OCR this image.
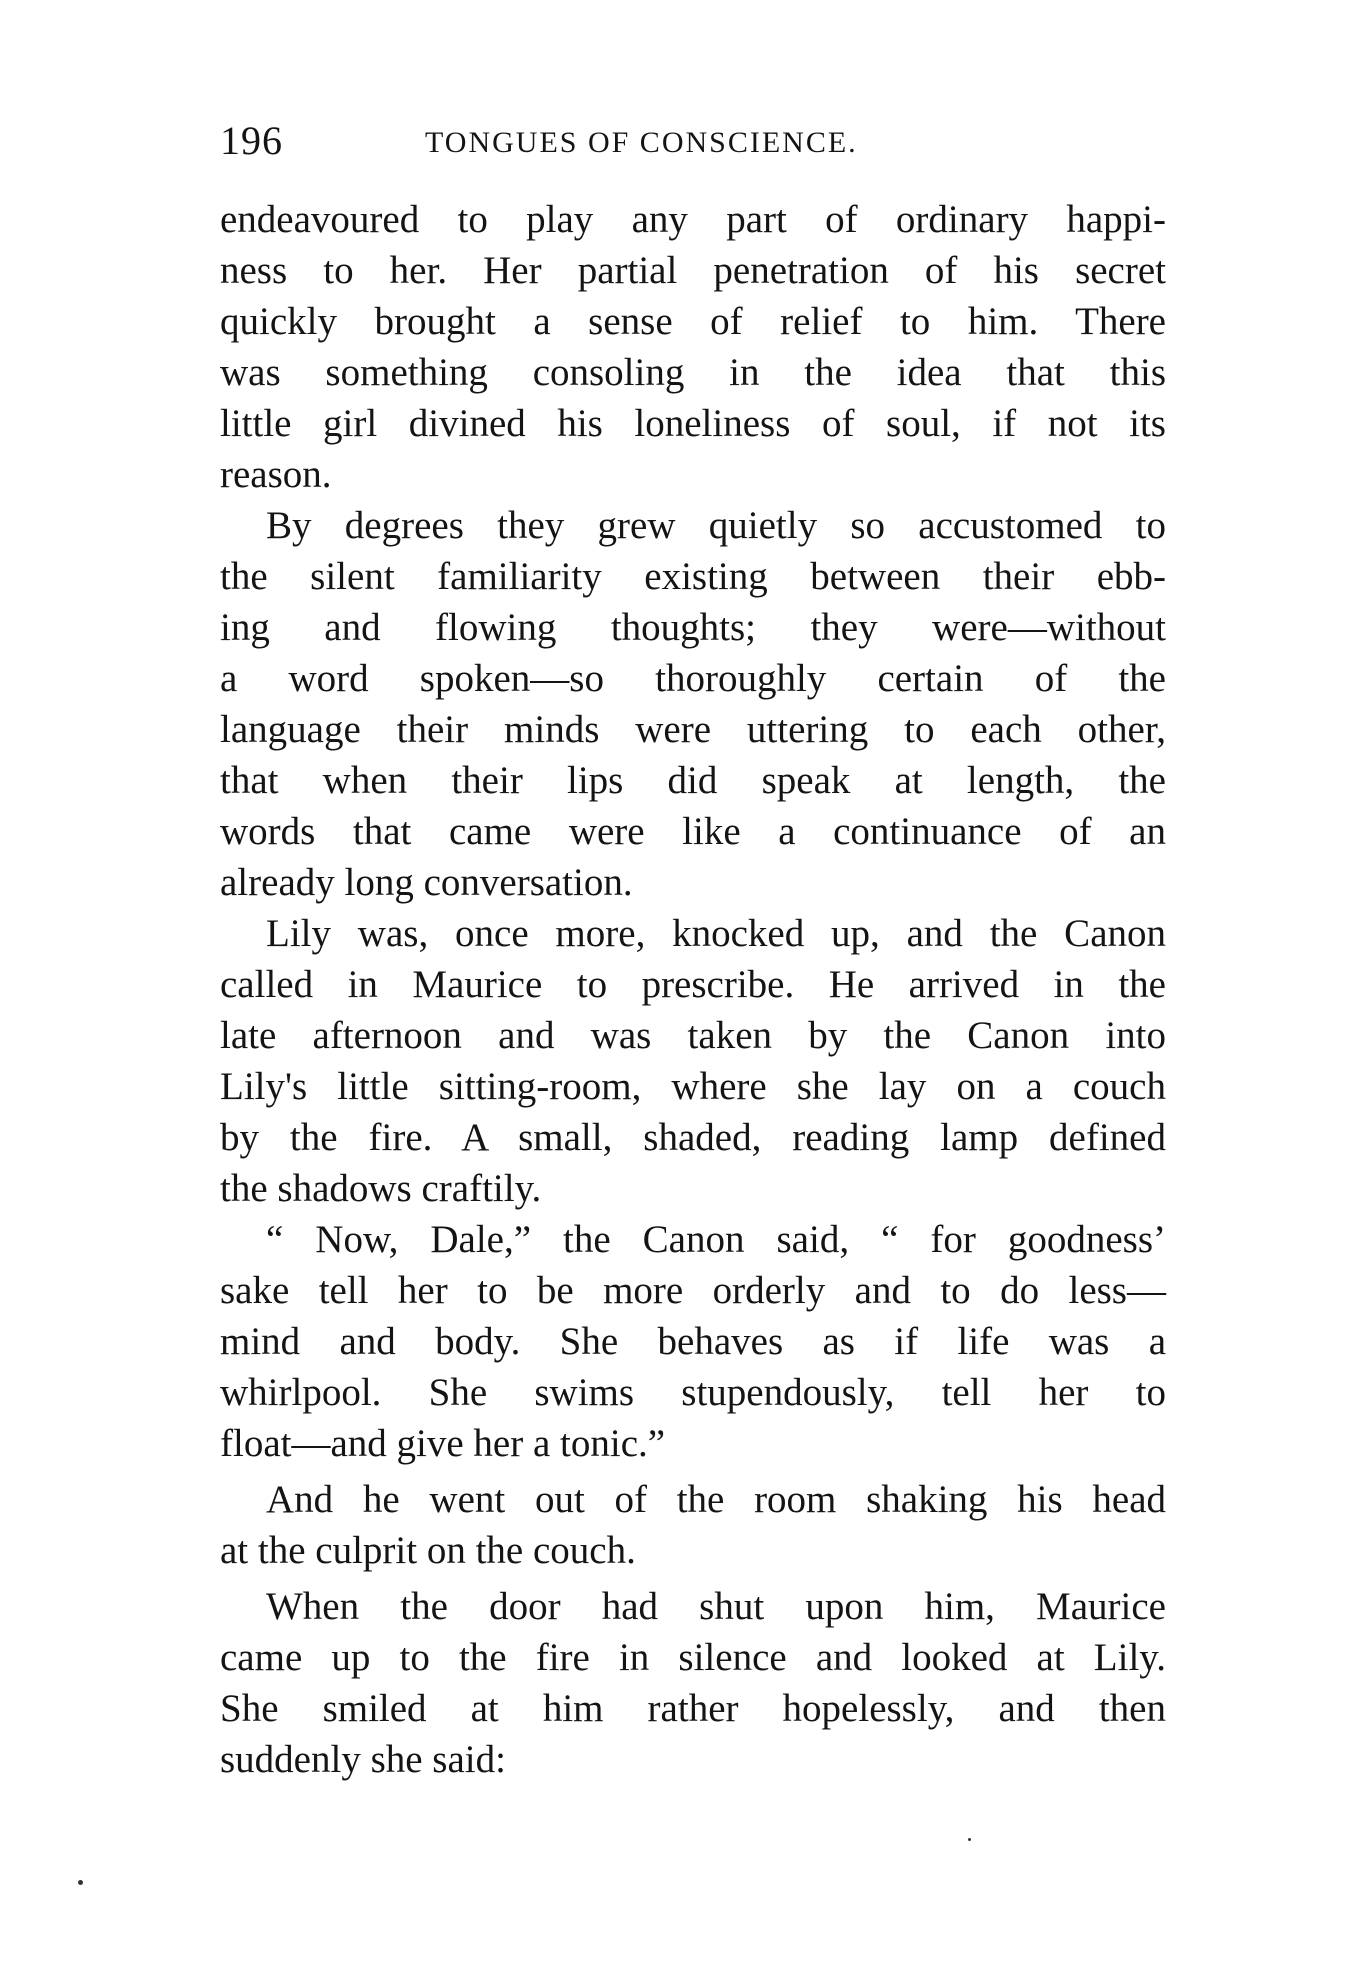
196	TONGUES OF CONSCIENCE.
endeavoured to play any part of ordinary happi-
ness to her. Her partial penetration of his secret
quickly brought a sense of relief to him. There
was something consoling in the idea that this
little girl divined his loneliness of soul, if not its
reason.
By degrees they grew quietly so accustomed to
the silent familiarity existing between their ebb-
ing and flowing thoughts; they were—without
a word spoken—so thoroughly certain of the
language their minds were uttering to each other,
that when their lips did speak at length, the
words that came were like a continuance of an
already long conversation.
Lily was, once more, knocked up, and the Canon
called in Maurice to prescribe. He arrived in the
late afternoon and was taken by the Canon into
Lily's little sitting-room, where she lay on a couch
by the fire. A small, shaded, reading lamp defined
the shadows craftily.
“ Now, Dale,” the Canon said, “ for goodness’
sake tell her to be more orderly and to do less—
mind and body. She behaves as if life was a
whirlpool. She swims stupendously, tell her to
float—and give her a tonic.”
And he went out of the room shaking his head
at the culprit on the couch.
When the door had shut upon him, Maurice
came up to the fire in silence and looked at Lily.
She smiled at him rather hopelessly, and then
suddenly she said:
